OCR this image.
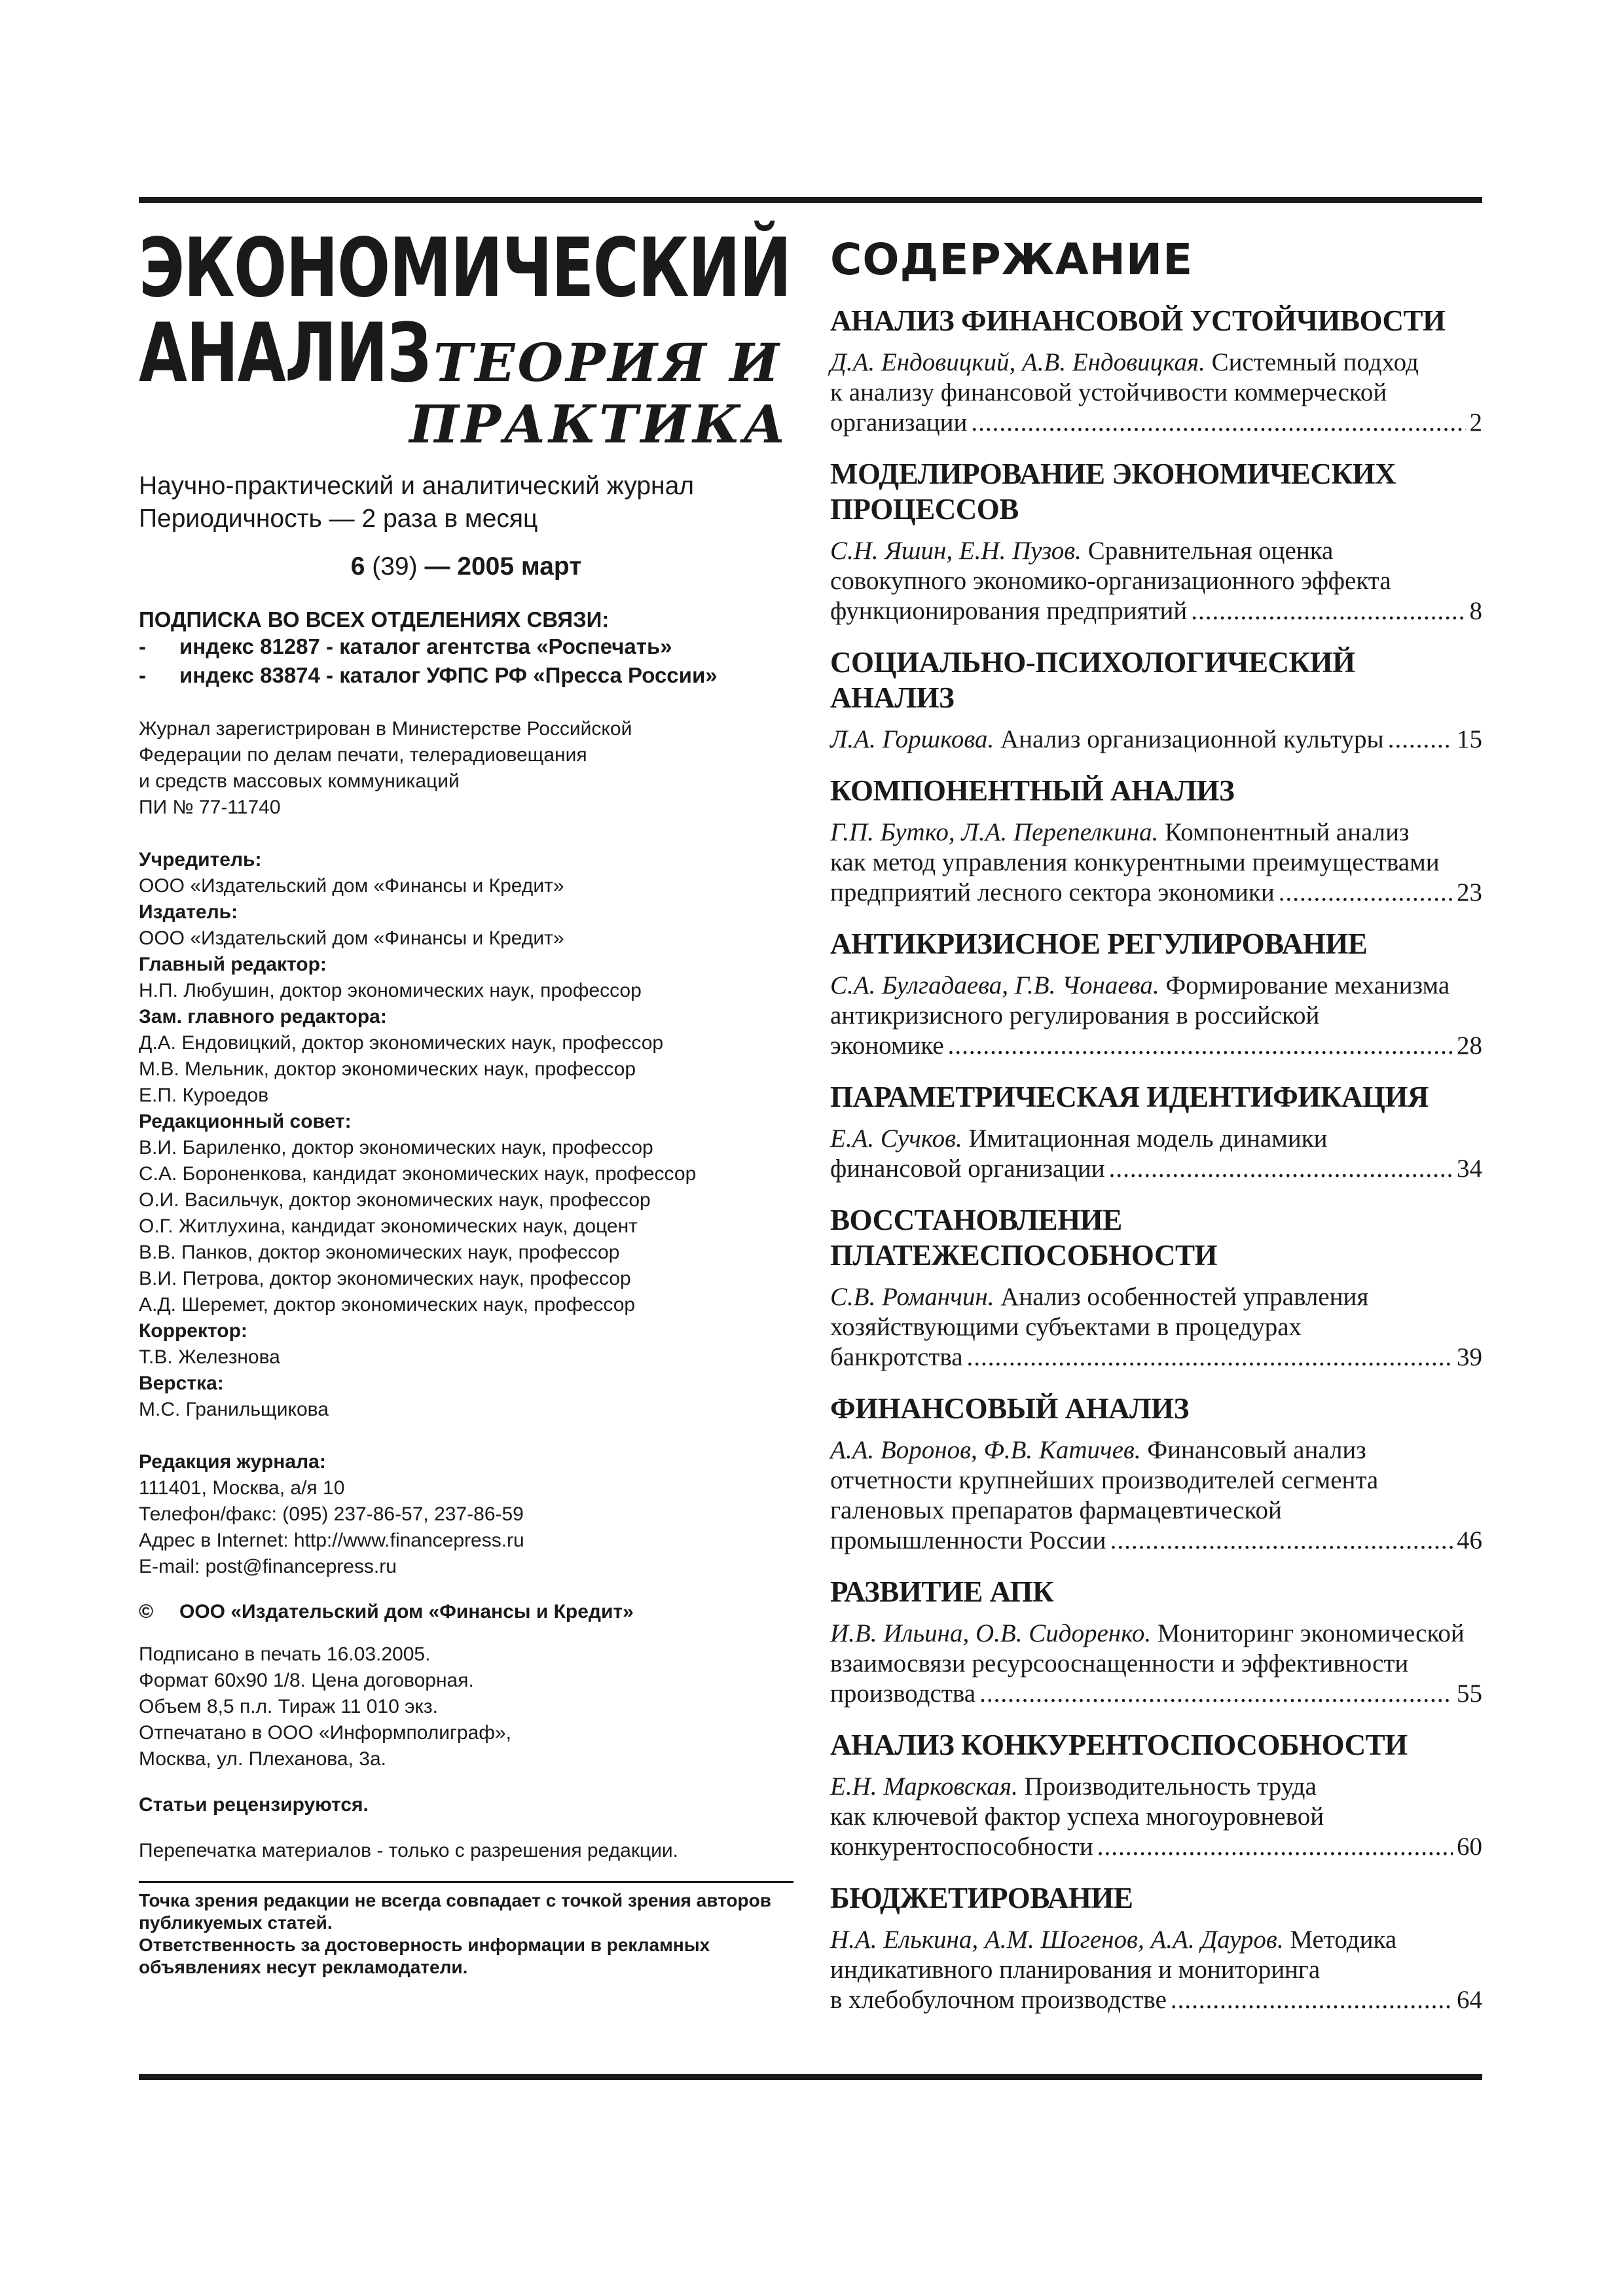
ЭКОНОМИЧЕСКИЙ
АНАЛИЗ ТЕОРИЯ И
ПРАКТИКА
Научно-практический и аналитический журнал
Периодичность — 2 раза в месяц
6 (39) — 2005 март
ПОДПИСКА ВО ВСЕХ ОТДЕЛЕНИЯХ СВЯЗИ:
-	индекс 81287 - каталог агентства «Роспечать»
-	индекс 83874 - каталог УФПС РФ «Пресса России»
Журнал зарегистрирован в Министерстве Российской
Федерации по делам печати, телерадиовещания
и средств массовых коммуникаций
ПИ № 77-11740
Учредитель:
ООО «Издательский дом «Финансы и Кредит»
Издатель:
ООО «Издательский дом «Финансы и Кредит»
Главный редактор:
Н.П. Любушин, доктор экономических наук, профессор
Зам. главного редактора:
Д.А. Ендовицкий, доктор экономических наук, профессор
М.В. Мельник, доктор экономических наук, профессор
Е.П. Куроедов
Редакционный совет:
В.И. Бариленко, доктор экономических наук, профессор
С.А. Бороненкова, кандидат экономических наук, профессор
О.И. Васильчук, доктор экономических наук, профессор
О.Г. Житлухина, кандидат экономических наук, доцент
В.В. Панков, доктор экономических наук, профессор
В.И. Петрова, доктор экономических наук, профессор
А.Д. Шеремет, доктор экономических наук, профессор
Корректор:
Т.В. Железнова
Верстка:
М.С. Гранильщикова
Редакция журнала:
111401, Москва, а/я 10
Телефон/факс: (095) 237-86-57, 237-86-59
Адрес в Internet: http://www.financepress.ru
E-mail: post@financepress.ru
©	ООО «Издательский дом «Финансы и Кредит»
Подписано в печать 16.03.2005.
Формат 60х90 1/8. Цена договорная.
Объем 8,5 п.л. Тираж 11 010 экз.
Отпечатано в ООО «Информполиграф»,
Москва, ул. Плеханова, 3а.
Статьи рецензируются.
Перепечатка материалов - только с разрешения редакции.
Точка зрения редакции не всегда совпадает с точкой зрения авторов публикуемых статей.
Ответственность за достоверность информации в рекламных объявлениях несут рекламодатели.
СОДЕРЖАНИЕ
АНАЛИЗ ФИНАНСОВОЙ УСТОЙЧИВОСТИ
Д.А. Ендовицкий, А.В. Ендовицкая. Системный подход
к анализу финансовой устойчивости коммерческой
организации .....	2
МОДЕЛИРОВАНИЕ ЭКОНОМИЧЕСКИХ ПРОЦЕССОВ
С.Н. Яшин, Е.Н. Пузов. Сравнительная оценка
совокупного экономико-организационного эффекта
функционирования предприятий .....	8
СОЦИАЛЬНО-ПСИХОЛОГИЧЕСКИЙ АНАЛИЗ
Л.А. Горшкова. Анализ организационной культуры .....	15
КОМПОНЕНТНЫЙ АНАЛИЗ
Г.П. Бутко, Л.А. Перепелкина. Компонентный анализ
как метод управления конкурентными преимуществами
предприятий лесного сектора экономики .....	23
АНТИКРИЗИСНОЕ РЕГУЛИРОВАНИЕ
С.А. Булгадаева, Г.В. Чонаева. Формирование механизма
антикризисного регулирования в российской
экономике .....	28
ПАРАМЕТРИЧЕСКАЯ ИДЕНТИФИКАЦИЯ
Е.А. Сучков. Имитационная модель динамики
финансовой организации .....	34
ВОССТАНОВЛЕНИЕ ПЛАТЕЖЕСПОСОБНОСТИ
С.В. Романчин. Анализ особенностей управления
хозяйствующими субъектами в процедурах
банкротства .....	39
ФИНАНСОВЫЙ АНАЛИЗ
А.А. Воронов, Ф.В. Катичев. Финансовый анализ
отчетности крупнейших производителей сегмента
галеновых препаратов фармацевтической
промышленности России .....	46
РАЗВИТИЕ АПК
И.В. Ильина, О.В. Сидоренко. Мониторинг экономической
взаимосвязи ресурсооснащенности и эффективности
производства .....	55
АНАЛИЗ КОНКУРЕНТОСПОСОБНОСТИ
Е.Н. Марковская. Производительность труда
как ключевой фактор успеха многоуровневой
конкурентоспособности .....	60
БЮДЖЕТИРОВАНИЕ
Н.А. Елькина, А.М. Шогенов, А.А. Дауров. Методика
индикативного планирования и мониторинга
в хлебобулочном производстве .....	64
